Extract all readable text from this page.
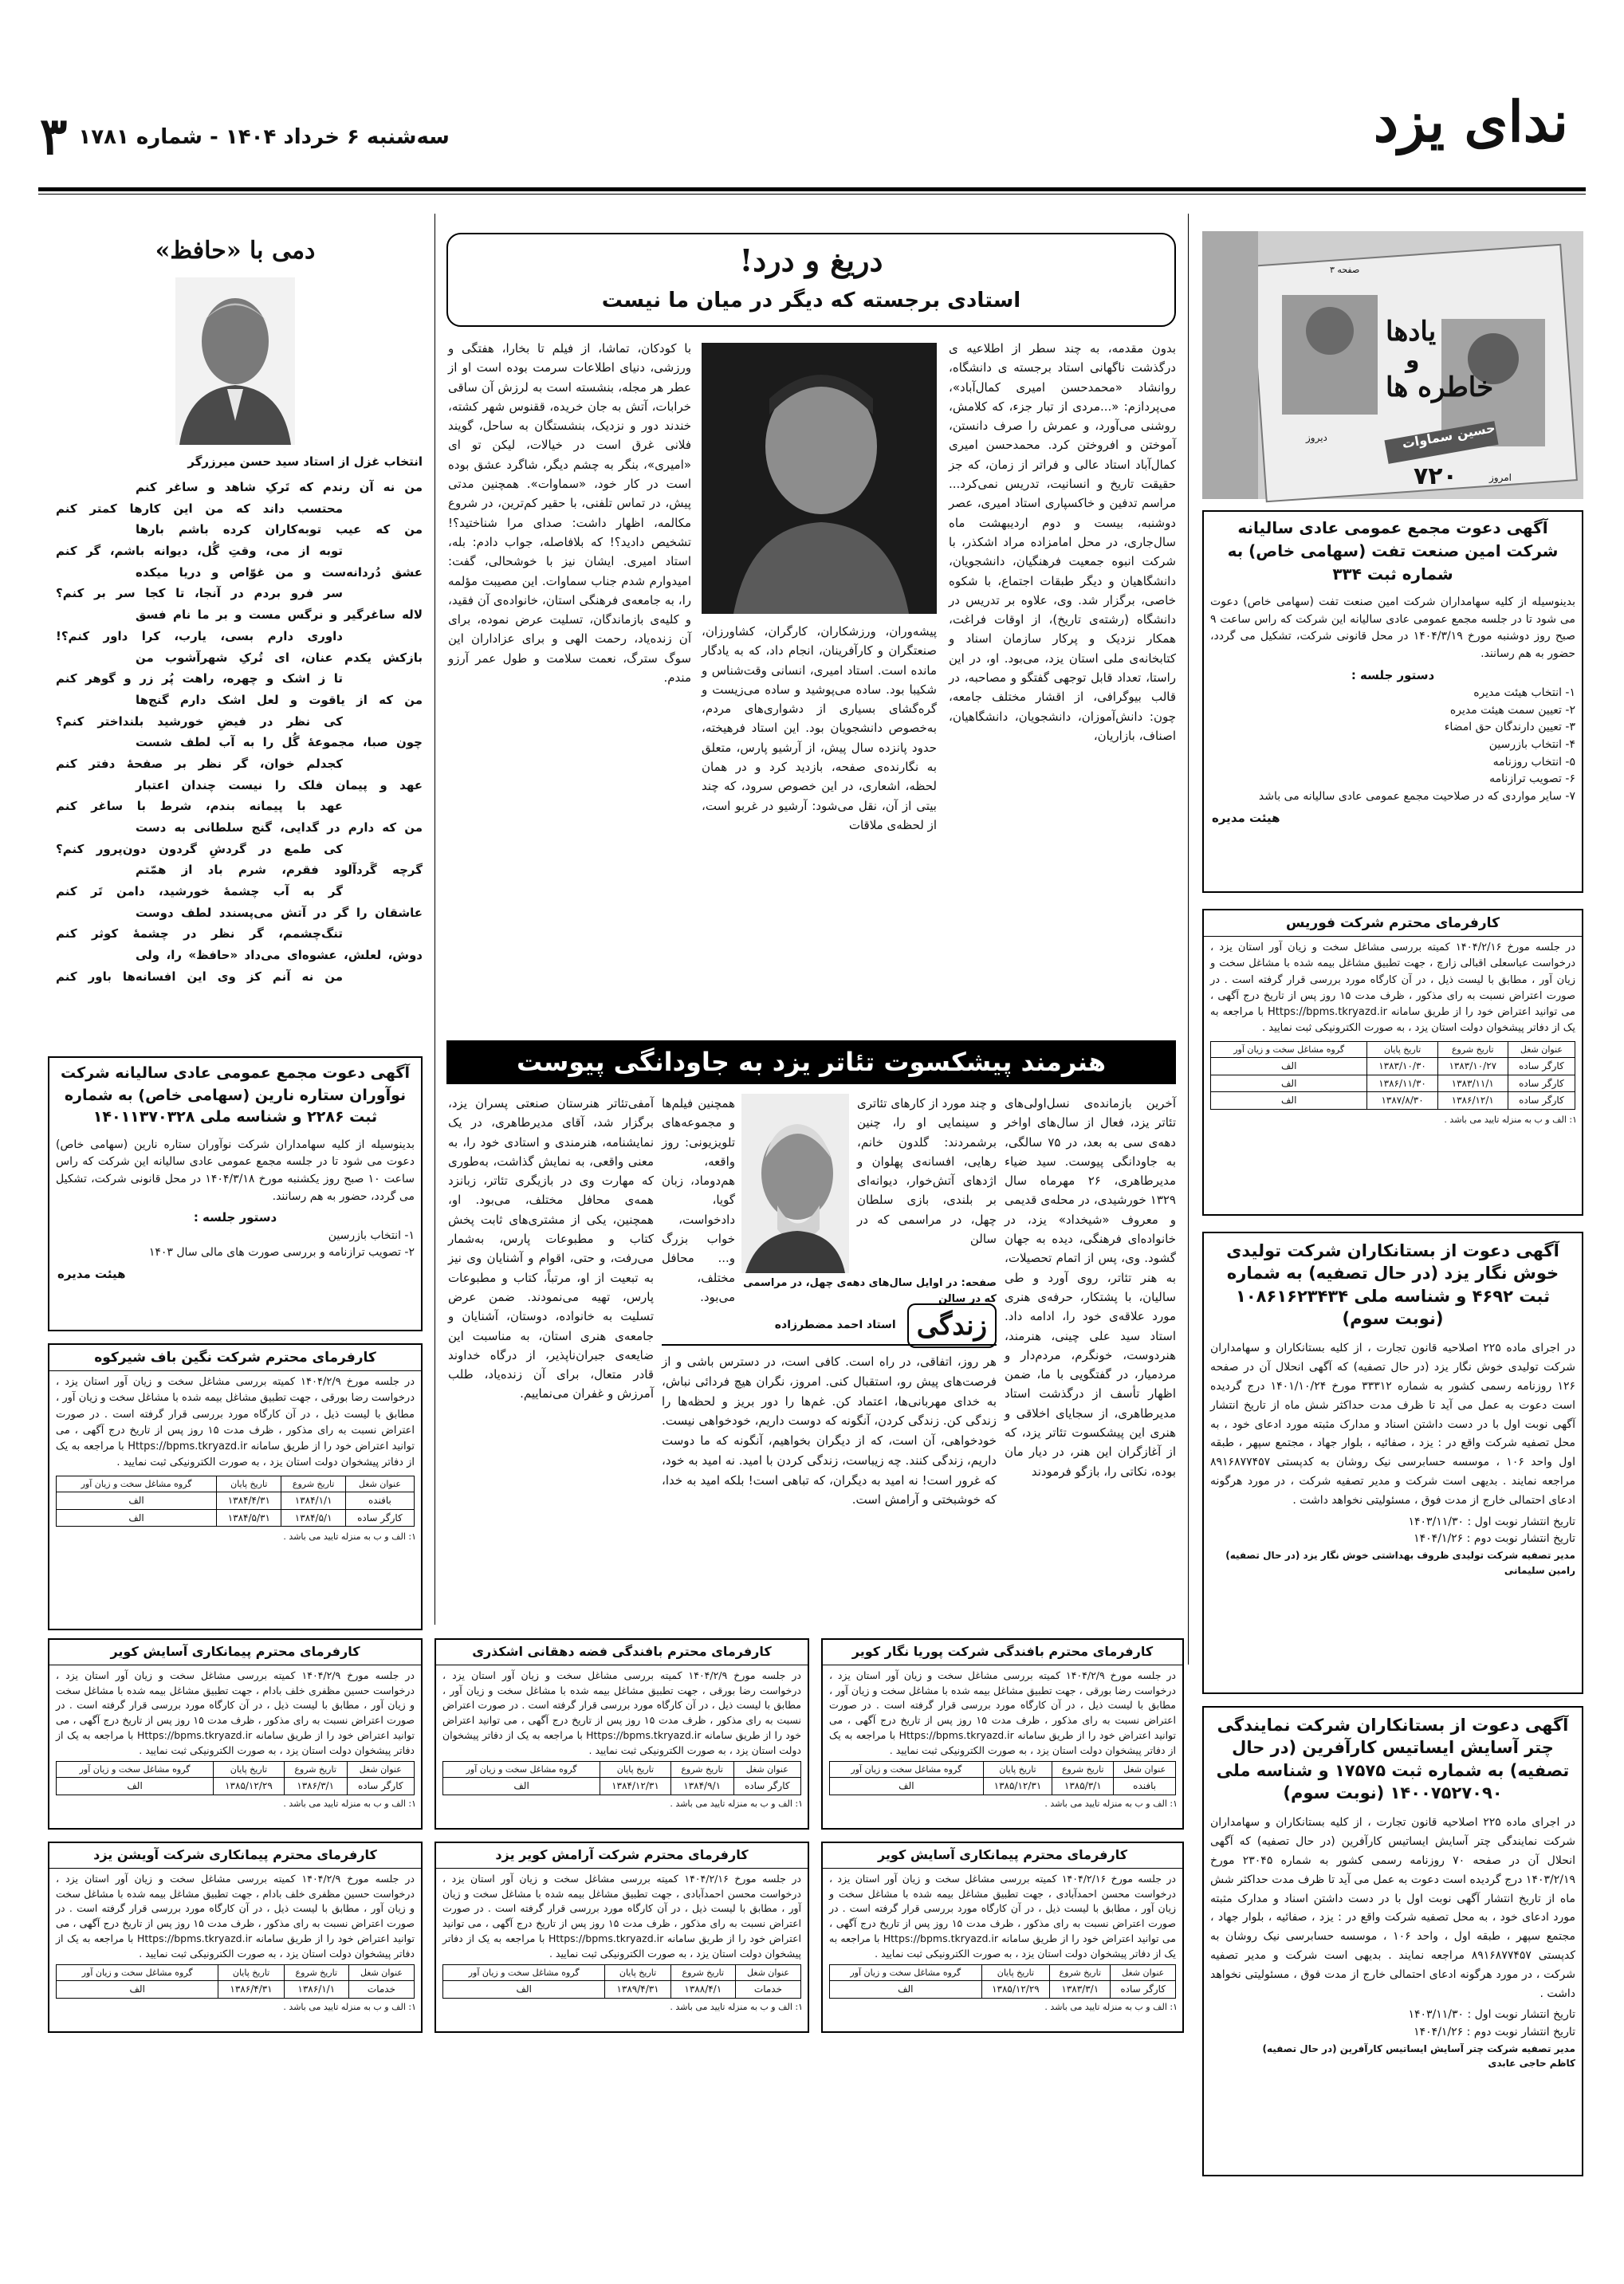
ندای یزد
۳ سه‌شنبه ۶ خرداد ۱۴۰۴ - شماره ۱۷۸۱
یادها
و
خاطره ها
حسین سماوات
۷۲۰	امروز
دیروز
صفحه ۳
آگهی دعوت مجمع عمومی عادی سالیانه شرکت امین صنعت تفت (سهامی خاص) به شماره ثبت ۳۳۴
بدینوسیله از کلیه سهامداران شرکت امین صنعت تفت (سهامی خاص) دعوت می شود تا در جلسه مجمع عمومی عادی سالیانه این شرکت که راس ساعت ۹ صبح روز دوشنبه مورخ ۱۴۰۴/۳/۱۹ در محل قانونی شرکت، تشکیل می گردد، حضور به هم رسانند.
دستور جلسه :
۱- انتخاب هیئت مدیره
۲- تعیین سمت هیئت مدیره
۳- تعیین دارندگان حق امضاء
۴- انتخاب بازرسین
۵- انتخاب روزنامه
۶- تصویب ترازنامه
۷- سایر مواردی که در صلاحیت مجمع عمومی عادی سالیانه می باشد
هیئت مدیره
کارفرمای محترم شرکت فوریس
در جلسه مورخ ۱۴۰۴/۲/۱۶ کمیته بررسی مشاغل سخت و زیان آور استان یزد ، درخواست عباسعلی اقبالی زارچ ، جهت تطبیق مشاغل بیمه شده با مشاغل سخت و زیان آور ، مطابق با لیست ذیل ، در آن کارگاه مورد بررسی قرار گرفته است . در صورت اعتراض نسبت به رای مذکور ، ظرف مدت ۱۵ روز پس از تاریخ درج آگهی ، می توانید اعتراض خود را از طریق سامانه Https://bpms.tkryazd.ir با مراجعه به یک از دفاتر پیشخوان دولت استان یزد ، به صورت الکترونیکی ثبت نمایید .
عنوان شغل	تاریخ شروع	تاریخ پایان	گروه مشاغل سخت و زیان آور
کارگر ساده	۱۳۸۳/۱۰/۲۷	۱۳۸۳/۱۰/۳۰	الف
کارگر ساده	۱۳۸۳/۱۱/۱	۱۳۸۶/۱۱/۳۰	الف
کارگر ساده	۱۳۸۶/۱۲/۱	۱۳۸۷/۸/۳۰	الف
۱: الف و ب به منزله تایید می باشد .
آگهی دعوت از بستانکاران شرکت تولیدی خوش نگار یزد (در حال تصفیه) به شماره ثبت ۴۶۹۲ و شناسه ملی ۱۰۸۶۱۶۲۳۴۳۴ (نوبت سوم)
در اجرای ماده ۲۲۵ اصلاحیه قانون تجارت ، از کلیه بستانکاران و سهامداران شرکت تولیدی خوش نگار یزد (در حال تصفیه) که آگهی انحلال آن در صفحه ۱۲۶ روزنامه رسمی کشور به شماره ۳۳۳۱۲ مورخ ۱۴۰۱/۱۰/۲۴ درج گردیده است دعوت به عمل می آید تا ظرف مدت حداکثر شش ماه از تاریخ انتشار آگهی نوبت اول با در دست داشتن اسناد و مدارک مثبته مورد ادعای خود ، به محل تصفیه شرکت واقع در : یزد ، صفائیه ، بلوار جهاد ، مجتمع سپهر ، طبقه اول واحد ۱۰۶ ، موسسه حسابرسی نیک روشان به کدپستی ۸۹۱۶۸۷۷۴۵۷ مراجعه نمایند . بدیهی است شرکت و مدیر تصفیه شرکت ، در مورد هرگونه ادعای احتمالی خارج از مدت فوق ، مسئولیتی نخواهد داشت .
تاریخ انتشار نوبت اول : ۱۴۰۳/۱۱/۳۰
تاریخ انتشار نوبت دوم : ۱۴۰۴/۱/۲۶
مدیر تصفیه شرکت تولیدی ظروف بهداشتی خوش نگار یزد (در حال تصفیه)
رامین سلیمانی
آگهی دعوت از بستانکاران شرکت نمایندگی چتر آسایش ایساتیس کارآفرین (در حال تصفیه) به شماره ثبت ۱۷۵۷۵ و شناسه ملی ۱۴۰۰۷۵۲۷۰۹۰ (نوبت سوم)
در اجرای ماده ۲۲۵ اصلاحیه قانون تجارت ، از کلیه بستانکاران و سهامداران شرکت نمایندگی چتر آسایش ایساتیس کارآفرین (در حال تصفیه) که آگهی انحلال آن در صفحه ۷۰ روزنامه رسمی کشور به شماره ۲۳۰۴۵ مورخ ۱۴۰۳/۲/۱۹ درج گردیده است دعوت به عمل می آید تا ظرف مدت حداکثر شش ماه از تاریخ انتشار آگهی نوبت اول با در دست داشتن اسناد و مدارک مثبته مورد ادعای خود ، به محل تصفیه شرکت واقع در : یزد ، صفائیه ، بلوار جهاد ، مجتمع سپهر ، طبقه اول ، واحد ۱۰۶ ، موسسه حسابرسی نیک روشان به کدپستی ۸۹۱۶۸۷۷۴۵۷ مراجعه نمایند . بدیهی است شرکت و مدیر تصفیه شرکت ، در مورد هرگونه ادعای احتمالی خارج از مدت فوق ، مسئولیتی نخواهد داشت .
تاریخ انتشار نوبت اول : ۱۴۰۳/۱۱/۳۰
تاریخ انتشار نوبت دوم : ۱۴۰۴/۱/۲۶
مدیر تصفیه شرکت چتر آسایش ایساتیس کارآفرین (در حال تصفیه)
کاظم حاجی عابدی
دریغ و درد!
استادی برجسته که دیگر در میان ما نیست
بدون مقدمه، به چند سطر از اطلاعیه ی درگذشت ناگهانی استاد برجسته ی دانشگاه، روانشاد «محمدحسن امیری کمال‌آباد»، می‌پردازم: «...مردی از تبار جزء، که کلامش، روشنی می‌آورد، و عمرش را صرف دانستن، آموختن و افروختن کرد. محمدحسن امیری کمال‌آباد استاد عالی و فراتر از زمان، که جز حقیقت تاریخ و انسانیت، تدریس نمی‌کرد... مراسم تدفین و خاکسپاری استاد امیری، عصر دوشنبه، بیست و دوم اردیبهشت ماه سال‌جاری، در محل امامزاده مراد اشکذر، با شرکت انبوه جمعیت فرهنگیان، دانشجویان، دانشگاهیان و دیگر طبقات اجتماع، با شکوه خاصی، برگزار شد. وی، علاوه بر تدریس در دانشگاه (رشته‌ی تاریخ)، از اوقات فراغت، همکار نزدیک و پرکار سازمان اسناد و کتابخانه‌ی ملی استان یزد، می‌بود. او، در این راستا، تعداد قابل توجهی گفتگو و مصاحبه، در قالب بیوگرافی، از اقشار مختلف جامعه، چون: دانش‌آموزان، دانشجویان، دانشگاهیان، اصناف، بازاریان،
پیشه‌وران، ورزشکاران، کارگران، کشاورزان، صنعتگران و کارآفرینان، انجام داد، که به یادگار مانده است. استاد امیری، انسانی وقت‌شناس و شکیبا بود. ساده می‌پوشید و ساده می‌زیست و گره‌گشای بسیاری از دشواری‌های مردم، به‌خصوص دانشجویان بود. این استاد فرهیخته، حدود پانزده سال پیش، از آرشیو پارس، متعلق به نگارنده‌ی صفحه، بازدید کرد و در همان لحظه، اشعاری، در این خصوص سرود، که چند بیتی از آن، نقل می‌شود: آرشیو در غربو است، از لحظه‌ی ملاقات
با کودکان، تماشا، از فیلم تا بخارا، هفتگی و ورزشی، دنیای اطلاعات سرمت بوده است او از عطر هر مجله، بنشسته است به لرزش آن ساقی خرابات، آتش به جان خریده، ققنوس شهر کشته، خندند دور و نزدیک، بنشستگان به ساحل، گویند فلانی غرق است در خیالات، لیکن تو ای «امیری»، بنگر به چشم دیگر، شاگرد عشق بوده است در کار خود، «سماوات». همچنین مدتی پیش، در تماس تلفنی، با حقیر کم‌ترین، در شروع مکالمه، اظهار داشت: صدای مرا شناختید؟! تشخیص دادید؟! که بلافاصله، جواب دادم: بله، استاد امیری. ایشان نیز با خوشحالی، گفت: امیدوارم شدم جناب سماوات. این مصیبت مؤلمه را، به جامعه‌ی فرهنگی استان، خانواده‌ی آن فقید، و کلیه‌ی بازماندگان، تسلیت عرض نموده، برای آن زنده‌یاد، رحمت الهی و برای عزاداران این سوگ سترگ، نعمت سلامت و طول عمر آرزو مندم.
هنرمند پیشکسوت تئاتر یزد به جاودانگی پیوست
آخرین بازمانده‌ی نسل‌اولی‌های تئاتر یزد، فعال از سال‌های اواخر دهه‌ی سی به بعد، در ۷۵ سالگی، به جاودانگی پیوست. سید ضیاء مدیرطاهری، ۲۶ مهرماه سال ۱۳۲۹ خورشیدی، در محله‌ی قدیمی و معروف «شیخداد» یزد، در خانواده‌ای فرهنگی، دیده به جهان گشود. وی، پس از اتمام تحصیلات، به هنر تئاتر، روی آورد و طی سالیان، با پشتکار، حرفه‌ی هنری مورد علاقه‌ی خود را، ادامه داد. استاد سید علی چینی، هنرمند، هنردوست، خونگرم، مردم‌دار و مردمیار، در گفتگویی با ما، ضمن اظهار تأسف از درگذشت استاد مدیرطاهری، از سجایای اخلاقی و هنری این پیشکسوت تئاتر یزد، که از آغازگران این هنر، در دیار مان بوده، نکاتی را، بازگو فرمودند
و چند مورد از کارهای تئاتری و سینمایی او را، چنین برشمردند: گلدون خانم، رهایی، افسانه‌ی پهلوان و اژدهای آتش‌خوار، دیوانه‌ای بر بلندی، بازی سلطان چهل، در مراسمی که در سالن
همچنین فیلم‌ها و مجموعه‌های تلویزیونی: روز واقعه، هم‌دوماد، زبان گویا، دادخواست، خواب بزرگ و... محافل مختلف، می‌بود.
صفحه: در اوایل سال‌های دهه‌ی چهل، در مراسمی که در سالن
آمفی‌تئاتر هنرستان صنعتی پسران یزد، برگزار شد، آقای مدیرطاهری، در یک نمایشنامه، هنرمندی و استادی خود را، به معنی واقعی، به نمایش گذاشت، به‌طوری که مهارت وی در بازیگری تئاتر، زبانزد همه‌ی محافل مختلف، می‌بود. او، همچنین، یکی از مشتری‌های ثابت پخش کتاب و مطبوعات پارس، به‌شمار می‌رفت، و حتی، اقوام و آشنایان وی نیز به تبعیت از او، مرتباً، کتاب و مطبوعات پارس، تهیه می‌نمودند. ضمن عرض تسلیت به خانواده، دوستان، آشنایان و جامعه‌ی هنری استان، به مناسبت این ضایعه‌ی جبران‌ناپذیر، از درگاه خداوند قادر متعال، برای آن زنده‌یاد، طلب آمرزش و غفران می‌نماییم.
زندگی
استاد احمد مضطرزاده
هر روز، اتفاقی، در راه است. کافی است، در دسترس باشی و از فرصت‌های پیش رو، استقبال کنی. امروز، نگران هیچ فردائی نباش، به خدای مهربانی‌ها، اعتماد کن. غم‌ها را دور بریز و لحظه‌ها را زندگی کن. زندگی کردن، آنگونه که دوست داریم، خودخواهی نیست. خودخواهی، آن است، که از دیگران بخواهیم، آنگونه که ما دوست داریم، زندگی کنند. چه زیباست، زندگی کردن با امید. نه امید به خود، که غرور است! نه امید به دیگران، که تباهی است! بلکه امید به خدا، که خوشبختی و آرامش است.
دمی با «حافظ»
انتخاب غزل از استاد سید حسن میرزرگر
من نه آن رندم که تَرکِ شاهد و ساغر کنم
محتسب داند که من این کارها کمتر کنم
من که عیب توبه‌کاران کرده باشم بارها
توبه از می، وقتِ گُل، دیوانه باشم، گر کنم
عشق دُردانه‌ست و من غوّاص و دریا میکده
سر فرو بردم در آنجا، تا کجا سر بر کنم؟
لاله ساغرگیر و نرگس مست و بر ما نام فسق
داوری دارم بسی، یارب، کرا داور کنم؟!
بازکش یکدم عنان، ای تُرکِ شهرآشوب من
تا ز اشک و چهره، راهت پُر زر و گوهر کنم
من که از یاقوت و لعل اشک دارم گنج‌ها
کی نظر در فیضِ خورشید بلنداختر کنم؟
چون صبا، مجموعهٔ گُل را به آب لطف شست
کجدلم خوان، گر نظر بر صفحهٔ دفتر کنم
عهد و پیمان فلک را نیست چندان اعتبار
عهد با پیمانه بندم، شرط با ساغر کنم
من که دارم در گدایی، گنج سلطانی به دست
کی طمع در گردشِ گردون دون‌پرور کنم؟
گرچه گَردآلود فقرم، شرم باد از همّتم
گر به آب چشمهٔ خورشید، دامن تَر کنم
عاشقان را گر در آتش می‌پسندد لطف دوست
تنگ‌چشمم، گر نظر در چشمهٔ کوثر کنم
دوش، لعلش، عشوه‌ای می‌داد «حافظ» را، ولی
من نه آنم کز وی این افسانه‌ها باور کنم
آگهی دعوت مجمع عمومی عادی سالیانه شرکت نوآوران ستاره نارین (سهامی خاص) به شماره ثبت ۲۲۸۶ و شناسه ملی ۱۴۰۱۱۳۷۰۳۲۸
بدینوسیله از کلیه سهامداران شرکت نوآوران ستاره نارین (سهامی خاص) دعوت می شود تا در جلسه مجمع عمومی عادی سالیانه این شرکت که راس ساعت ۱۰ صبح روز یکشنبه مورخ ۱۴۰۴/۳/۱۸ در محل قانونی شرکت، تشکیل می گردد، حضور به هم رسانند.
دستور جلسه :
۱- انتخاب بازرسین
۲- تصویب ترازنامه و بررسی صورت های مالی سال ۱۴۰۳
هیئت مدیره
کارفرمای محترم شرکت نگین باف شیرکوه
در جلسه مورخ ۱۴۰۴/۲/۹ کمیته بررسی مشاغل سخت و زیان آور استان یزد ، درخواست رضا بورقی ، جهت تطبیق مشاغل بیمه شده با مشاغل سخت و زیان آور ، مطابق با لیست ذیل ، در آن کارگاه مورد بررسی قرار گرفته است . در صورت اعتراض نسبت به رای مذکور ، ظرف مدت ۱۵ روز پس از تاریخ درج آگهی ، می توانید اعتراض خود را از طریق سامانه Https://bpms.tkryazd.ir با مراجعه به یک از دفاتر پیشخوان دولت استان یزد ، به صورت الکترونیکی ثبت نمایید .
عنوان شغل	تاریخ شروع	تاریخ پایان	گروه مشاغل سخت و زیان آور
بافنده	۱۳۸۴/۱/۱	۱۳۸۴/۴/۳۱	الف
کارگر ساده	۱۳۸۴/۵/۱	۱۳۸۴/۵/۳۱	الف
۱: الف و ب به منزله تایید می باشد .
کارفرمای محترم بافندگی شرکت پوریا نگار کویر
در جلسه مورخ ۱۴۰۴/۲/۹ کمیته بررسی مشاغل سخت و زیان آور استان یزد ، درخواست رضا بورقی ، جهت تطبیق مشاغل بیمه شده با مشاغل سخت و زیان آور ، مطابق با لیست ذیل ، در آن کارگاه مورد بررسی قرار گرفته است . در صورت اعتراض نسبت به رای مذکور ، ظرف مدت ۱۵ روز پس از تاریخ درج آگهی ، می توانید اعتراض خود را از طریق سامانه Https://bpms.tkryazd.ir با مراجعه به یک از دفاتر پیشخوان دولت استان یزد ، به صورت الکترونیکی ثبت نمایید .
عنوان شغل	تاریخ شروع	تاریخ پایان	گروه مشاغل سخت و زیان آور
بافنده	۱۳۸۵/۳/۱	۱۳۸۵/۱۲/۳۱	الف
۱: الف و ب به منزله تایید می باشد .
کارفرمای محترم بافندگی فضه دهقانی اشکذری
در جلسه مورخ ۱۴۰۴/۲/۹ کمیته بررسی مشاغل سخت و زیان آور استان یزد ، درخواست رضا بورقی ، جهت تطبیق مشاغل بیمه شده با مشاغل سخت و زیان آور ، مطابق با لیست ذیل ، در آن کارگاه مورد بررسی قرار گرفته است . در صورت اعتراض نسبت به رای مذکور ، ظرف مدت ۱۵ روز پس از تاریخ درج آگهی ، می توانید اعتراض خود را از طریق سامانه Https://bpms.tkryazd.ir با مراجعه به یک از دفاتر پیشخوان دولت استان یزد ، به صورت الکترونیکی ثبت نمایید .
عنوان شغل	تاریخ شروع	تاریخ پایان	گروه مشاغل سخت و زیان آور
کارگر ساده	۱۳۸۴/۹/۱	۱۳۸۴/۱۲/۳۱	الف
۱: الف و ب به منزله تایید می باشد .
کارفرمای محترم پیمانکاری آسایش کویر
در جلسه مورخ ۱۴۰۴/۲/۹ کمیته بررسی مشاغل سخت و زیان آور استان یزد ، درخواست حسین مظفری خلف بادام ، جهت تطبیق مشاغل بیمه شده با مشاغل سخت و زیان آور ، مطابق با لیست ذیل ، در آن کارگاه مورد بررسی قرار گرفته است . در صورت اعتراض نسبت به رای مذکور ، ظرف مدت ۱۵ روز پس از تاریخ درج آگهی ، می توانید اعتراض خود را از طریق سامانه Https://bpms.tkryazd.ir با مراجعه به یک از دفاتر پیشخوان دولت استان یزد ، به صورت الکترونیکی ثبت نمایید .
عنوان شغل	تاریخ شروع	تاریخ پایان	گروه مشاغل سخت و زیان آور
کارگر ساده	۱۳۸۶/۳/۱	۱۳۸۵/۱۲/۲۹	الف
۱: الف و ب به منزله تایید می باشد .
کارفرمای محترم پیمانکاری آسایش کویر
در جلسه مورخ ۱۴۰۴/۲/۱۶ کمیته بررسی مشاغل سخت و زیان آور استان یزد ، درخواست محسن احمدآبادی ، جهت تطبیق مشاغل بیمه شده با مشاغل سخت و زیان آور ، مطابق با لیست ذیل ، در آن کارگاه مورد بررسی قرار گرفته است . در صورت اعتراض نسبت به رای مذکور ، ظرف مدت ۱۵ روز پس از تاریخ درج آگهی ، می توانید اعتراض خود را از طریق سامانه Https://bpms.tkryazd.ir با مراجعه به یک از دفاتر پیشخوان دولت استان یزد ، به صورت الکترونیکی ثبت نمایید .
عنوان شغل	تاریخ شروع	تاریخ پایان	گروه مشاغل سخت و زیان آور
کارگر ساده	۱۳۸۳/۳/۱	۱۳۸۵/۱۲/۲۹	الف
۱: الف و ب به منزله تایید می باشد .
کارفرمای محترم شرکت آرامش کویر یزد
در جلسه مورخ ۱۴۰۴/۲/۱۶ کمیته بررسی مشاغل سخت و زیان آور استان یزد ، درخواست محسن احمدآبادی ، جهت تطبیق مشاغل بیمه شده با مشاغل سخت و زیان آور ، مطابق با لیست ذیل ، در آن کارگاه مورد بررسی قرار گرفته است . در صورت اعتراض نسبت به رای مذکور ، ظرف مدت ۱۵ روز پس از تاریخ درج آگهی ، می توانید اعتراض خود را از طریق سامانه Https://bpms.tkryazd.ir با مراجعه به یک از دفاتر پیشخوان دولت استان یزد ، به صورت الکترونیکی ثبت نمایید .
عنوان شغل	تاریخ شروع	تاریخ پایان	گروه مشاغل سخت و زیان آور
خدمات	۱۳۸۸/۴/۱	۱۳۸۹/۴/۳۱	الف
۱: الف و ب به منزله تایید می باشد .
کارفرمای محترم پیمانکاری شرکت آویشن یزد
در جلسه مورخ ۱۴۰۴/۲/۹ کمیته بررسی مشاغل سخت و زیان آور استان یزد ، درخواست حسین مظفری خلف بادام ، جهت تطبیق مشاغل بیمه شده با مشاغل سخت و زیان آور ، مطابق با لیست ذیل ، در آن کارگاه مورد بررسی قرار گرفته است . در صورت اعتراض نسبت به رای مذکور ، ظرف مدت ۱۵ روز پس از تاریخ درج آگهی ، می توانید اعتراض خود را از طریق سامانه Https://bpms.tkryazd.ir با مراجعه به یک از دفاتر پیشخوان دولت استان یزد ، به صورت الکترونیکی ثبت نمایید .
عنوان شغل	تاریخ شروع	تاریخ پایان	گروه مشاغل سخت و زیان آور
خدمات	۱۳۸۶/۱/۱	۱۳۸۶/۴/۳۱	الف
۱: الف و ب به منزله تایید می باشد .
